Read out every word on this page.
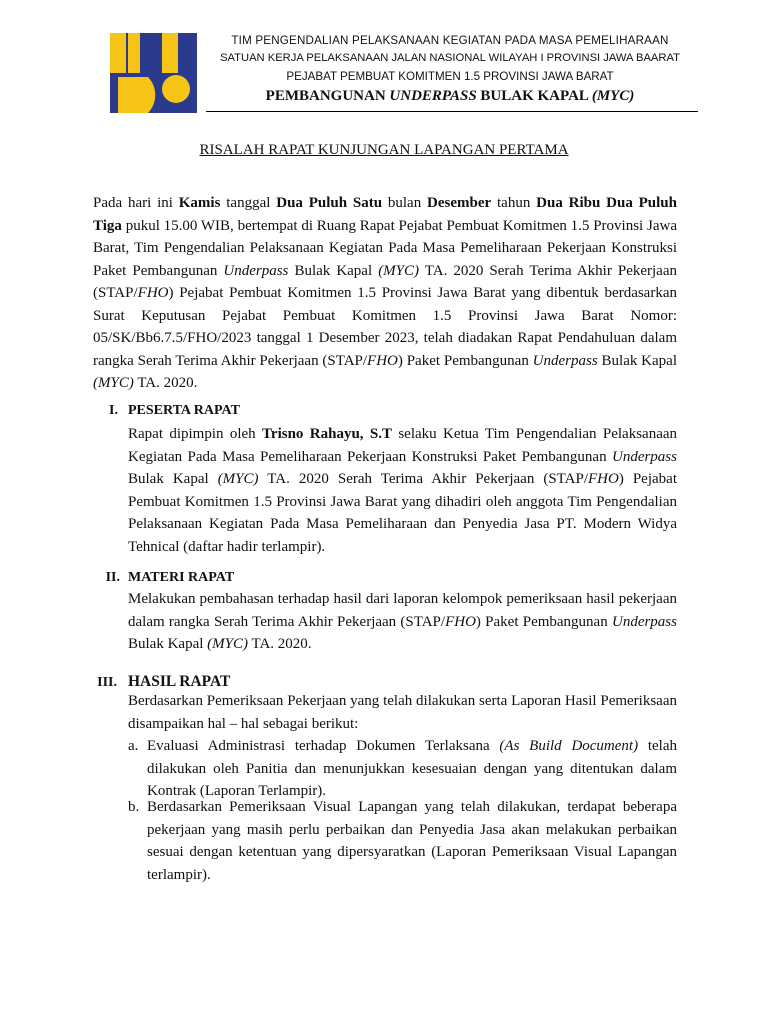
TIM PENGENDALIAN PELAKSANAAN KEGIATAN PADA MASA PEMELIHARAAN
SATUAN KERJA PELAKSANAAN JALAN NASIONAL WILAYAH I PROVINSI JAWA BAARAT
PEJABAT PEMBUAT KOMITMEN 1.5 PROVINSI JAWA BARAT
PEMBANGUNAN UNDERPASS BULAK KAPAL (MYC)
RISALAH RAPAT KUNJUNGAN LAPANGAN PERTAMA

Pada hari ini Kamis tanggal Dua Puluh Satu bulan Desember tahun Dua Ribu Dua Puluh Tiga pukul 15.00 WIB, bertempat di Ruang Rapat Pejabat Pembuat Komitmen 1.5 Provinsi Jawa Barat, Tim Pengendalian Pelaksanaan Kegiatan Pada Masa Pemeliharaan Pekerjaan Konstruksi Paket Pembangunan Underpass Bulak Kapal (MYC) TA. 2020 Serah Terima Akhir Pekerjaan (STAP/FHO) Pejabat Pembuat Komitmen 1.5 Provinsi Jawa Barat yang dibentuk berdasarkan Surat Keputusan Pejabat Pembuat Komitmen 1.5 Provinsi Jawa Barat Nomor: 05/SK/Bb6.7.5/FHO/2023 tanggal 1 Desember 2023, telah diadakan Rapat Pendahuluan dalam rangka Serah Terima Akhir Pekerjaan (STAP/FHO) Paket Pembangunan Underpass Bulak Kapal (MYC) TA. 2020.

I. PESERTA RAPAT

Rapat dipimpin oleh Trisno Rahayu, S.T selaku Ketua Tim Pengendalian Pelaksanaan Kegiatan Pada Masa Pemeliharaan Pekerjaan Konstruksi Paket Pembangunan Underpass Bulak Kapal (MYC) TA. 2020 Serah Terima Akhir Pekerjaan (STAP/FHO) Pejabat Pembuat Komitmen 1.5 Provinsi Jawa Barat yang dihadiri oleh anggota Tim Pengendalian Pelaksanaan Kegiatan Pada Masa Pemeliharaan dan Penyedia Jasa PT. Modern Widya Tehnical (daftar hadir terlampir).

II. MATERI RAPAT

Melakukan pembahasan terhadap hasil dari laporan kelompok pemeriksaan hasil pekerjaan dalam rangka Serah Terima Akhir Pekerjaan (STAP/FHO) Paket Pembangunan Underpass Bulak Kapal (MYC) TA. 2020.

III. HASIL RAPAT

Berdasarkan Pemeriksaan Pekerjaan yang telah dilakukan serta Laporan Hasil Pemeriksaan disampaikan hal – hal sebagai berikut:

a. Evaluasi Administrasi terhadap Dokumen Terlaksana (As Build Document) telah dilakukan oleh Panitia dan menunjukkan kesesuaian dengan yang ditentukan dalam Kontrak (Laporan Terlampir).
b. Berdasarkan Pemeriksaan Visual Lapangan yang telah dilakukan, terdapat beberapa pekerjaan yang masih perlu perbaikan dan Penyedia Jasa akan melakukan perbaikan sesuai dengan ketentuan yang dipersyaratkan (Laporan Pemeriksaan Visual Lapangan terlampir).
